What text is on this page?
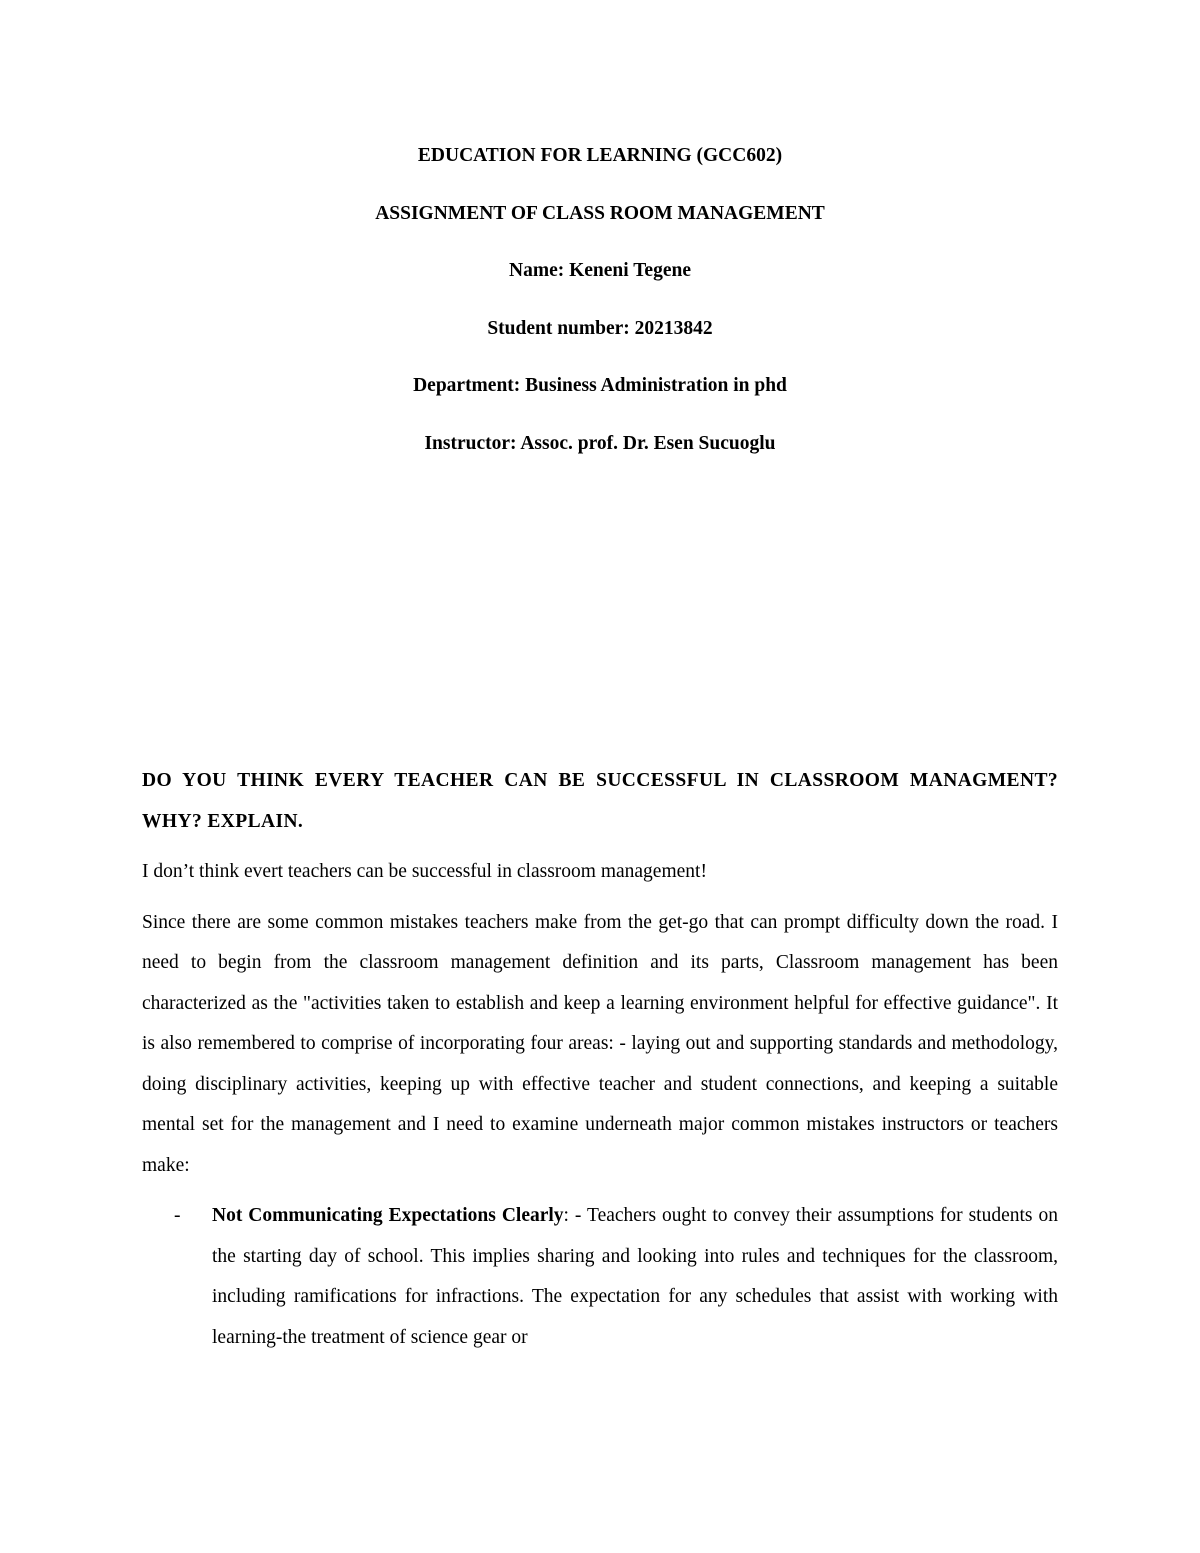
EDUCATION FOR LEARNING (GCC602)

ASSIGNMENT OF CLASS ROOM MANAGEMENT

Name: Keneni Tegene

Student number: 20213842

Department: Business Administration in phd

Instructor: Assoc. prof. Dr. Esen Sucuoglu

DO YOU THINK EVERY TEACHER CAN BE SUCCESSFUL IN CLASSROOM MANAGMENT? WHY? EXPLAIN.

I don’t think evert teachers can be successful in classroom management!

Since there are some common mistakes teachers make from the get-go that can prompt difficulty down the road. I need to begin from the classroom management definition and its parts, Classroom management has been characterized as the "activities taken to establish and keep a learning environment helpful for effective guidance". It is also remembered to comprise of incorporating four areas: - laying out and supporting standards and methodology, doing disciplinary activities, keeping up with effective teacher and student connections, and keeping a suitable mental set for the management and I need to examine underneath major common mistakes instructors or teachers make:

- Not Communicating Expectations Clearly: - Teachers ought to convey their assumptions for students on the starting day of school. This implies sharing and looking into rules and techniques for the classroom, including ramifications for infractions. The expectation for any schedules that assist with working with learning-the treatment of science gear or
